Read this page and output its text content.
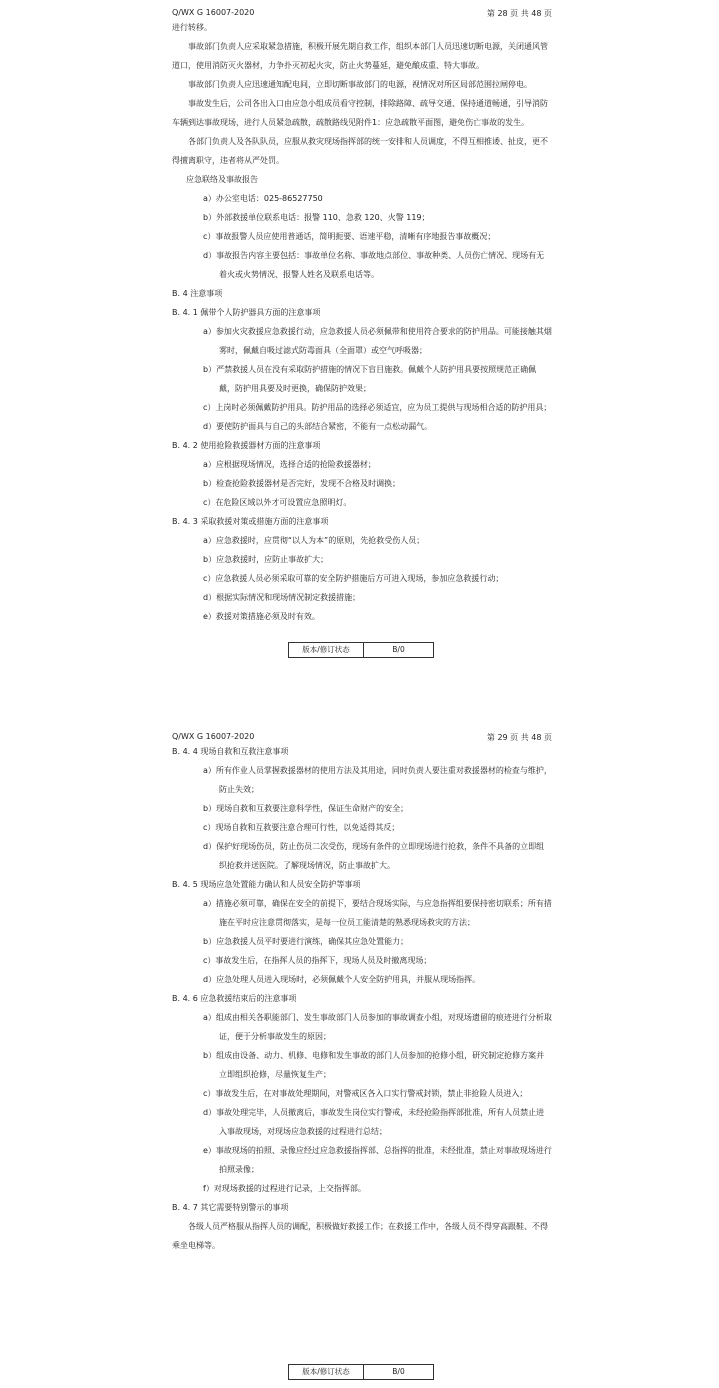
Q/WX G 16007-2020	第 28 页 共 48 页

进行转移。

事故部门负责人应采取紧急措施，积极开展先期自救工作，组织本部门人员迅速切断电源，关闭通风管道口，使用消防灭火器材，力争扑灭初起火灾，防止火势蔓延，避免酿成重、特大事故。

事故部门负责人应迅速通知配电间，立即切断事故部门的电源，视情况对所区局部范围拉闸停电。

事故发生后，公司各出入口由应急小组成员看守控制，排除路障、疏导交通、保持通道畅通，引导消防车辆到达事故现场，进行人员紧急疏散，疏散路线见附件1：应急疏散平面图，避免伤亡事故的发生。

各部门负责人及各队队员，应服从救灾现场指挥部的统一安排和人员调度，不得互相推诿、扯皮，更不得擅离职守，违者将从严处罚。

应急联络及事故报告

a）办公室电话：025-86527750

b）外部救援单位联系电话：报警 110、急救 120、火警 119；

c）事故报警人员应使用普通话，简明扼要、语速平稳，清晰有序地报告事故概况；

d）事故报告内容主要包括：事故单位名称、事故地点部位、事故种类、人员伤亡情况、现场有无着火或火势情况、报警人姓名及联系电话等。

B. 4 注意事项

B. 4. 1 佩带个人防护器具方面的注意事项

a）参加火灾救援应急救援行动，应急救援人员必须佩带和使用符合要求的防护用品。可能接触其烟雾时，佩戴自吸过滤式防毒面具（全面罩）或空气呼吸器；

b）严禁救援人员在没有采取防护措施的情况下盲目施救。佩戴个人防护用具要按照规范正确佩戴，防护用具要及时更换，确保防护效果；

c）上岗时必须佩戴防护用具。防护用品的选择必须适宜，应为员工提供与现场相合适的防护用具；

d）要使防护面具与自己的头部结合紧密，不能有一点松动漏气。

B. 4. 2 使用抢险救援器材方面的注意事项

a）应根据现场情况，选择合适的抢险救援器材；

b）检查抢险救援器材是否完好，发现不合格及时调换；

c）在危险区域以外才可设置应急照明灯。

B. 4. 3 采取救援对策或措施方面的注意事项

a）应急救援时，应贯彻“以人为本”的原则，先抢救受伤人员；

b）应急救援时，应防止事故扩大；

c）应急救援人员必须采取可靠的安全防护措施后方可进入现场，参加应急救援行动；

d）根据实际情况和现场情况制定救援措施；

e）救援对策措施必须及时有效。

版本/修订状态	B/0
Q/WX G 16007-2020	第 29 页 共 48 页

B. 4. 4 现场自救和互救注意事项

a）所有作业人员掌握救援器材的使用方法及其用途，同时负责人要注重对救援器材的检查与维护，防止失效；

b）现场自救和互救要注意科学性，保证生命财产的安全；

c）现场自救和互救要注意合理可行性，以免适得其反；

d）保护好现场伤员，防止伤员二次受伤，现场有条件的立即现场进行抢救，条件不具备的立即组织抢救并送医院。了解现场情况，防止事故扩大。

B. 4. 5 现场应急处置能力确认和人员安全防护等事项

a）措施必须可靠，确保在安全的前提下，要结合现场实际，与应急指挥组要保持密切联系；所有措施在平时应注意贯彻落实，是每一位员工能清楚的熟悉现场救灾的方法；

b）应急救援人员平时要进行演练，确保其应急处置能力；

c）事故发生后，在指挥人员的指挥下，现场人员及时撤离现场；

d）应急处理人员进入现场时，必须佩戴个人安全防护用具，并服从现场指挥。

B. 4. 6 应急救援结束后的注意事项

a）组成由相关各职能部门、发生事故部门人员参加的事故调查小组，对现场遗留的痕迹进行分析取证，便于分析事故发生的原因；

b）组成由设备、动力、机修、电修和发生事故的部门人员参加的抢修小组，研究制定抢修方案并立即组织抢修，尽量恢复生产；

c）事故发生后，在对事故处理期间，对警戒区各入口实行警戒封锁，禁止非抢险人员进入；

d）事故处理完毕，人员撤离后，事故发生岗位实行警戒，未经抢险指挥部批准，所有人员禁止进入事故现场，对现场应急救援的过程进行总结；

e）事故现场的拍照、录像应经过应急救援指挥部、总指挥的批准，未经批准，禁止对事故现场进行拍照录像；

f）对现场救援的过程进行记录，上交指挥部。

B. 4. 7 其它需要特别警示的事项

各级人员严格服从指挥人员的调配，积极做好救援工作；在救援工作中，各级人员不得穿高跟鞋、不得乘坐电梯等。

版本/修订状态	B/0
